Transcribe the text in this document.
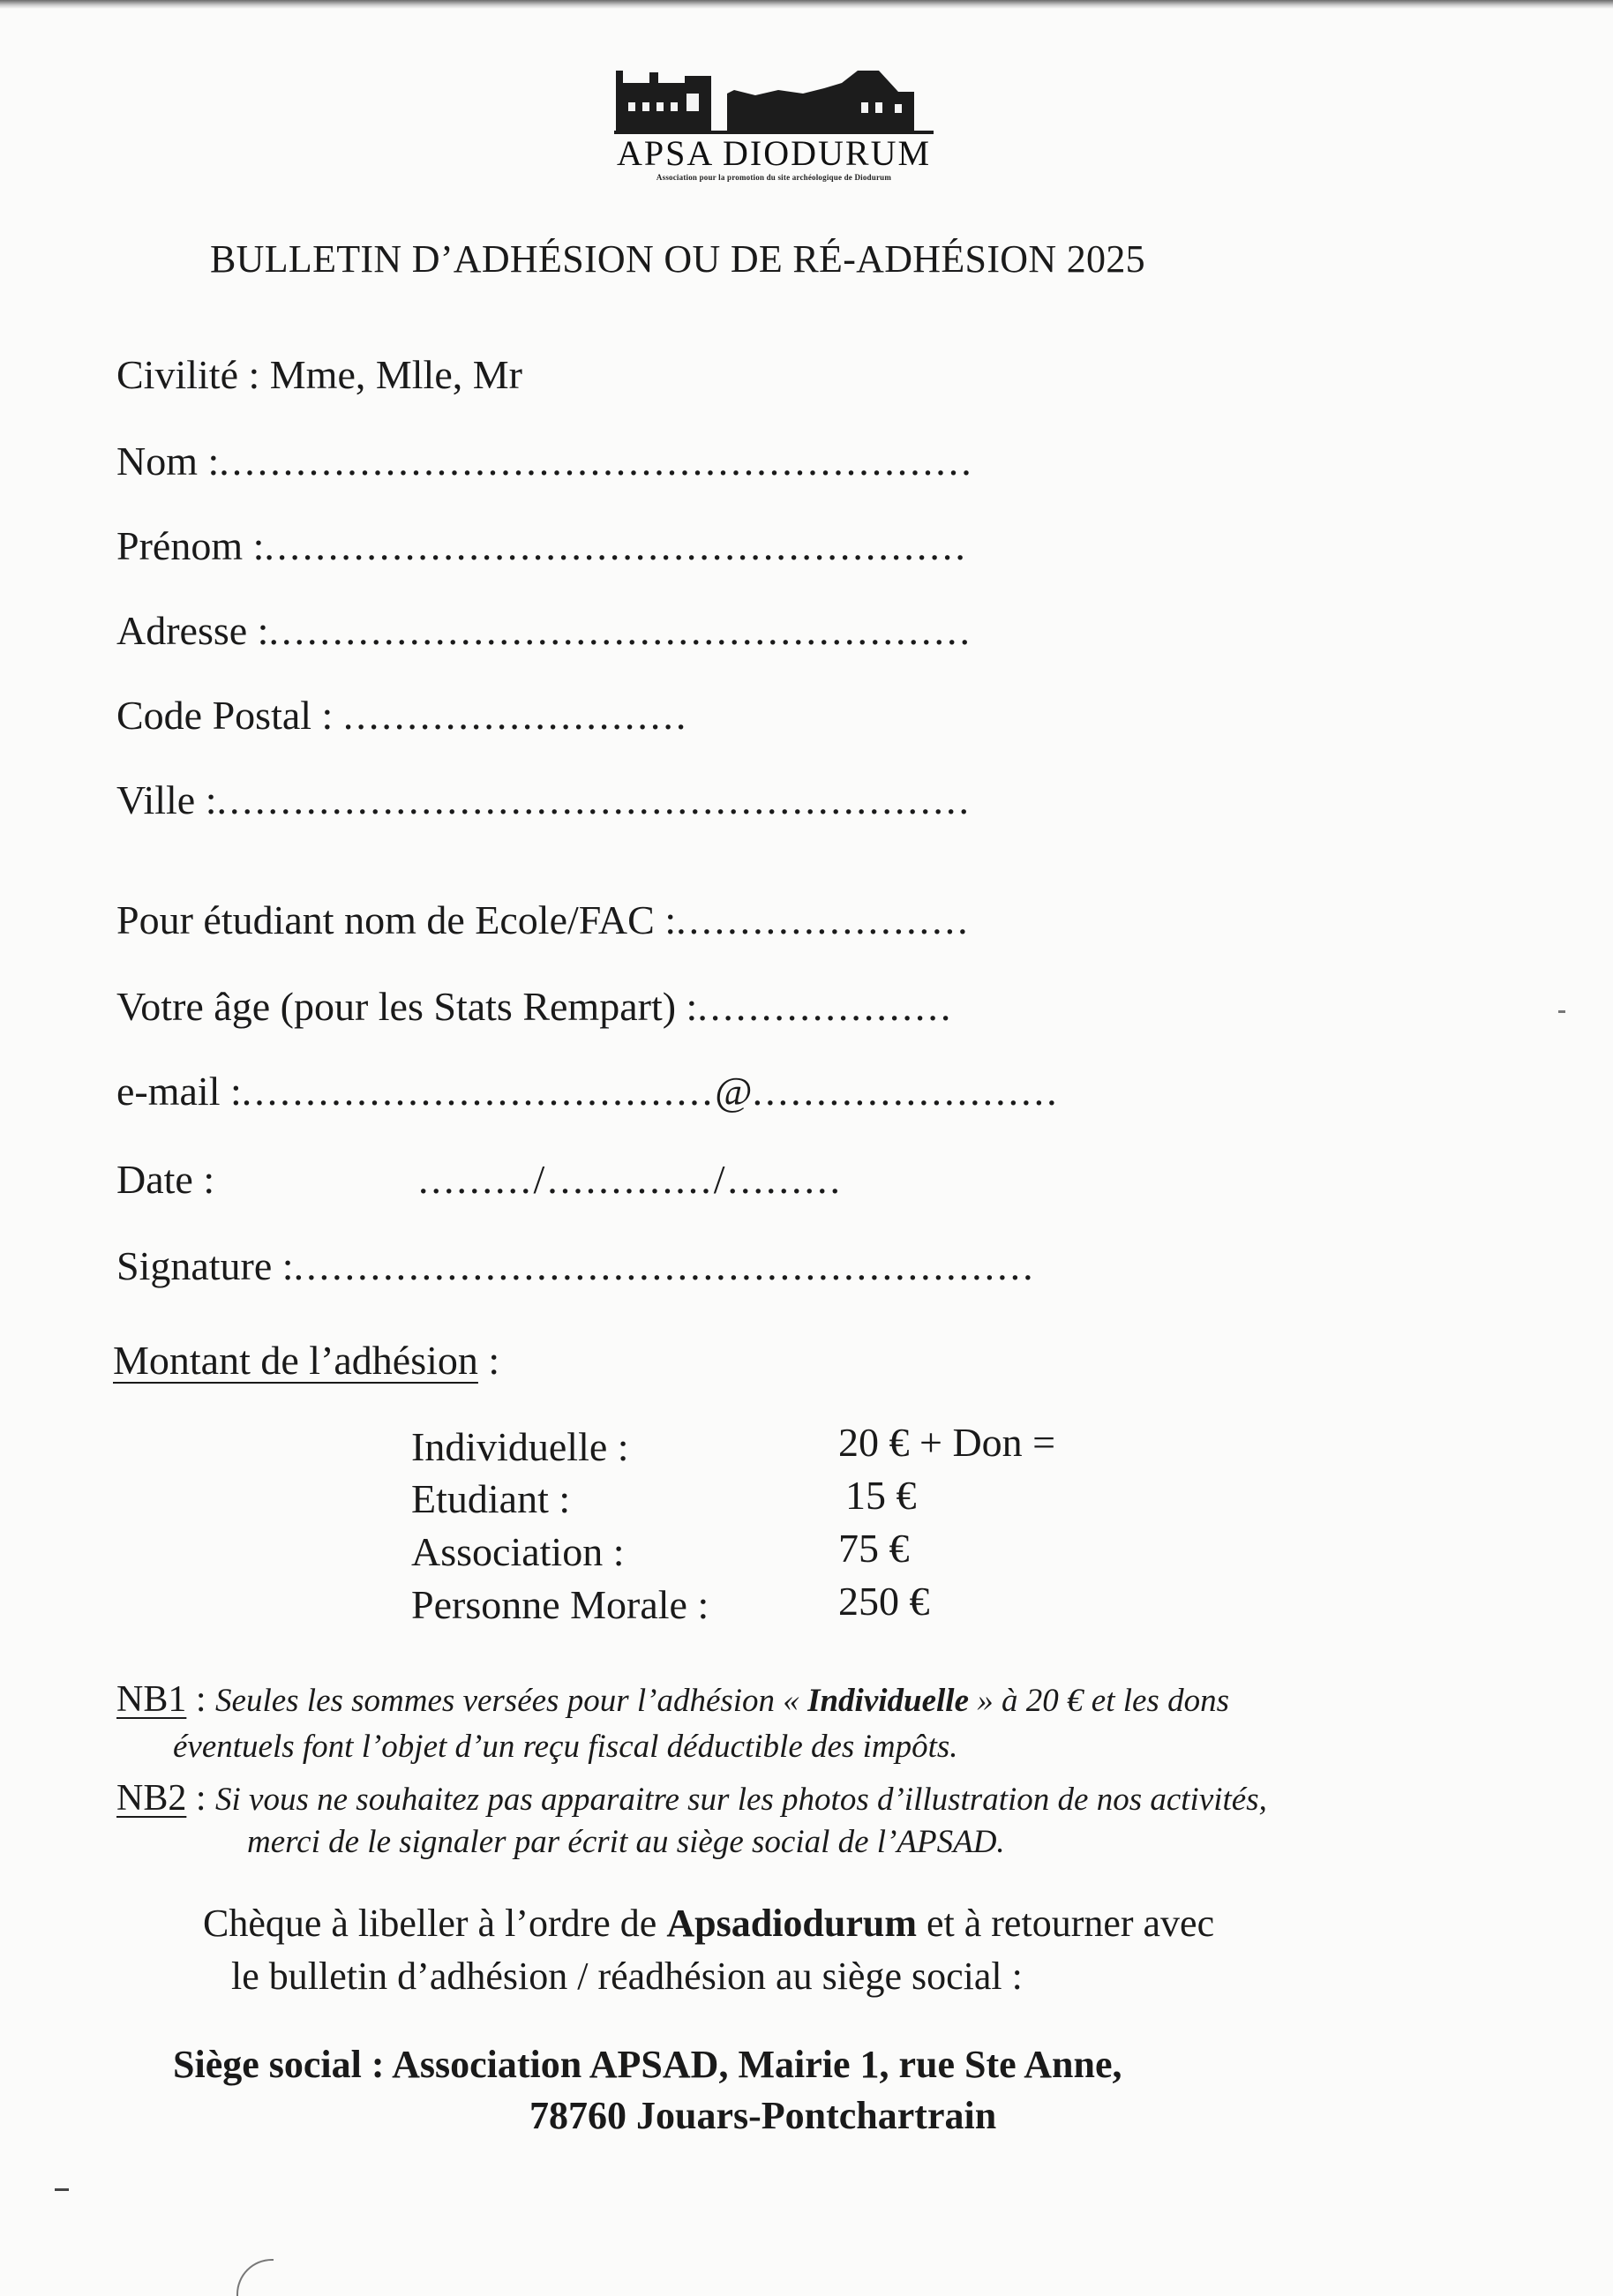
APSA DIODURUM
Association pour la promotion du site archéologique de Diodurum
BULLETIN D’ADHÉSION OU DE RÉ-ADHÉSION 2025
Civilité : Mme, Mlle, Mr
Nom :...........................................................
Prénom :.......................................................
Adresse :.......................................................
Code Postal : ...........................
Ville :...........................................................
Pour étudiant nom de Ecole/FAC :.......................
Votre âge (pour les Stats Rempart) :....................
e-mail :.....................................@........................
Date :	........./............./.........
Signature :..........................................................
Montant de l’adhésion :
Individuelle :	20 € + Don =
Etudiant :	15 €
Association :	75 €
Personne Morale :	250 €
NB1 : Seules les sommes versées pour l’adhésion « Individuelle » à 20 € et les dons
éventuels font l’objet d’un reçu fiscal déductible des impôts.
NB2 : Si vous ne souhaitez pas apparaitre sur les photos d’illustration de nos activités,
merci de le signaler par écrit au siège social de l’APSAD.
Chèque à libeller à l’ordre de Apsadiodurum et à retourner avec
le bulletin d’adhésion / réadhésion au siège social :
Siège social : Association APSAD, Mairie 1, rue Ste Anne,
78760 Jouars-Pontchartrain
